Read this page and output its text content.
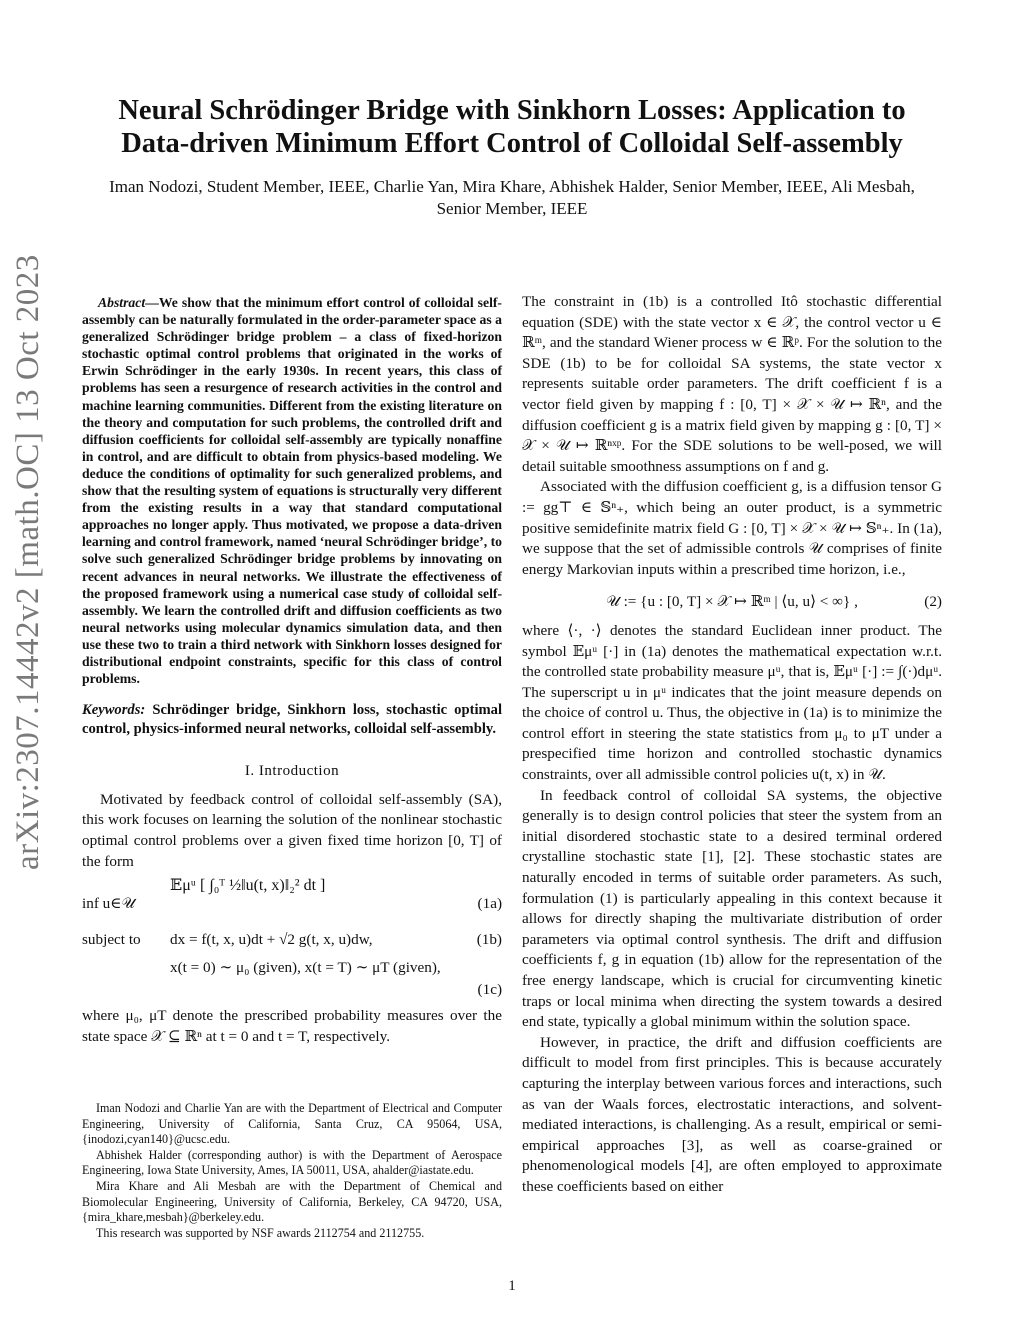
arXiv:2307.14442v2 [math.OC] 13 Oct 2023
Neural Schrödinger Bridge with Sinkhorn Losses: Application to Data-driven Minimum Effort Control of Colloidal Self-assembly
Iman Nodozi, Student Member, IEEE, Charlie Yan, Mira Khare, Abhishek Halder, Senior Member, IEEE, Ali Mesbah, Senior Member, IEEE

Abstract—We show that the minimum effort control of colloidal self-assembly can be naturally formulated in the order-parameter space as a generalized Schrödinger bridge problem – a class of fixed-horizon stochastic optimal control problems that originated in the works of Erwin Schrödinger in the early 1930s. In recent years, this class of problems has seen a resurgence of research activities in the control and machine learning communities. Different from the existing literature on the theory and computation for such problems, the controlled drift and diffusion coefficients for colloidal self-assembly are typically nonaffine in control, and are difficult to obtain from physics-based modeling. We deduce the conditions of optimality for such generalized problems, and show that the resulting system of equations is structurally very different from the existing results in a way that standard computational approaches no longer apply. Thus motivated, we propose a data-driven learning and control framework, named ‘neural Schrödinger bridge’, to solve such generalized Schrödinger bridge problems by innovating on recent advances in neural networks. We illustrate the effectiveness of the proposed framework using a numerical case study of colloidal self-assembly. We learn the controlled drift and diffusion coefficients as two neural networks using molecular dynamics simulation data, and then use these two to train a third network with Sinkhorn losses designed for distributional endpoint constraints, specific for this class of control problems.

Keywords: Schrödinger bridge, Sinkhorn loss, stochastic optimal control, physics-informed neural networks, colloidal self-assembly.

I. Introduction

Motivated by feedback control of colloidal self-assembly (SA), this work focuses on learning the solution of the nonlinear stochastic optimal control problems over a given fixed time horizon [0, T] of the form

inf u∈𝒰
𝔼μᵘ [ ∫₀ᵀ ½‖u(t, x)‖₂² dt ]
(1a)
subject to dx = f(t, x, u)dt + √2 g(t, x, u)dw,	(1b)
x(t = 0) ∼ μ₀ (given), x(t = T) ∼ μT (given),
(1c)

where μ₀, μT denote the prescribed probability measures over the state space 𝒳 ⊆ ℝⁿ at t = 0 and t = T, respectively.

Iman Nodozi and Charlie Yan are with the Department of Electrical and Computer Engineering, University of California, Santa Cruz, CA 95064, USA, {inodozi,cyan140}@ucsc.edu.

Abhishek Halder (corresponding author) is with the Department of Aerospace Engineering, Iowa State University, Ames, IA 50011, USA, ahalder@iastate.edu.

Mira Khare and Ali Mesbah are with the Department of Chemical and Biomolecular Engineering, University of California, Berkeley, CA 94720, USA, {mira_khare,mesbah}@berkeley.edu.

This research was supported by NSF awards 2112754 and 2112755.

The constraint in (1b) is a controlled Itô stochastic differential equation (SDE) with the state vector x ∈ 𝒳, the control vector u ∈ ℝᵐ, and the standard Wiener process w ∈ ℝᵖ. For the solution to the SDE (1b) to be for colloidal SA systems, the state vector x represents suitable order parameters. The drift coefficient f is a vector field given by mapping f : [0, T] × 𝒳 × 𝒰 ↦ ℝⁿ, and the diffusion coefficient g is a matrix field given by mapping g : [0, T] × 𝒳 × 𝒰 ↦ ℝⁿˣᵖ. For the SDE solutions to be well-posed, we will detail suitable smoothness assumptions on f and g.

Associated with the diffusion coefficient g, is a diffusion tensor G := gg⊤ ∈ 𝕊ⁿ₊, which being an outer product, is a symmetric positive semidefinite matrix field G : [0, T] × 𝒳 × 𝒰 ↦ 𝕊ⁿ₊. In (1a), we suppose that the set of admissible controls 𝒰 comprises of finite energy Markovian inputs within a prescribed time horizon, i.e.,

𝒰 := {u : [0, T] × 𝒳 ↦ ℝᵐ | ⟨u, u⟩ < ∞} ,	(2)

where ⟨·, ·⟩ denotes the standard Euclidean inner product. The symbol 𝔼μᵘ [·] in (1a) denotes the mathematical expectation w.r.t. the controlled state probability measure μᵘ, that is, 𝔼μᵘ [·] := ∫(·)dμᵘ. The superscript u in μᵘ indicates that the joint measure depends on the choice of control u. Thus, the objective in (1a) is to minimize the control effort in steering the state statistics from μ₀ to μT under a prespecified time horizon and controlled stochastic dynamics constraints, over all admissible control policies u(t, x) in 𝒰.

In feedback control of colloidal SA systems, the objective generally is to design control policies that steer the system from an initial disordered stochastic state to a desired terminal ordered crystalline stochastic state [1], [2]. These stochastic states are naturally encoded in terms of suitable order parameters. As such, formulation (1) is particularly appealing in this context because it allows for directly shaping the multivariate distribution of order parameters via optimal control synthesis. The drift and diffusion coefficients f, g in equation (1b) allow for the representation of the free energy landscape, which is crucial for circumventing kinetic traps or local minima when directing the system towards a desired end state, typically a global minimum within the solution space.

However, in practice, the drift and diffusion coefficients are difficult to model from first principles. This is because accurately capturing the interplay between various forces and interactions, such as van der Waals forces, electrostatic interactions, and solvent-mediated interactions, is challenging. As a result, empirical or semi-empirical approaches [3], as well as coarse-grained or phenomenological models [4], are often employed to approximate these coefficients based on either

1
